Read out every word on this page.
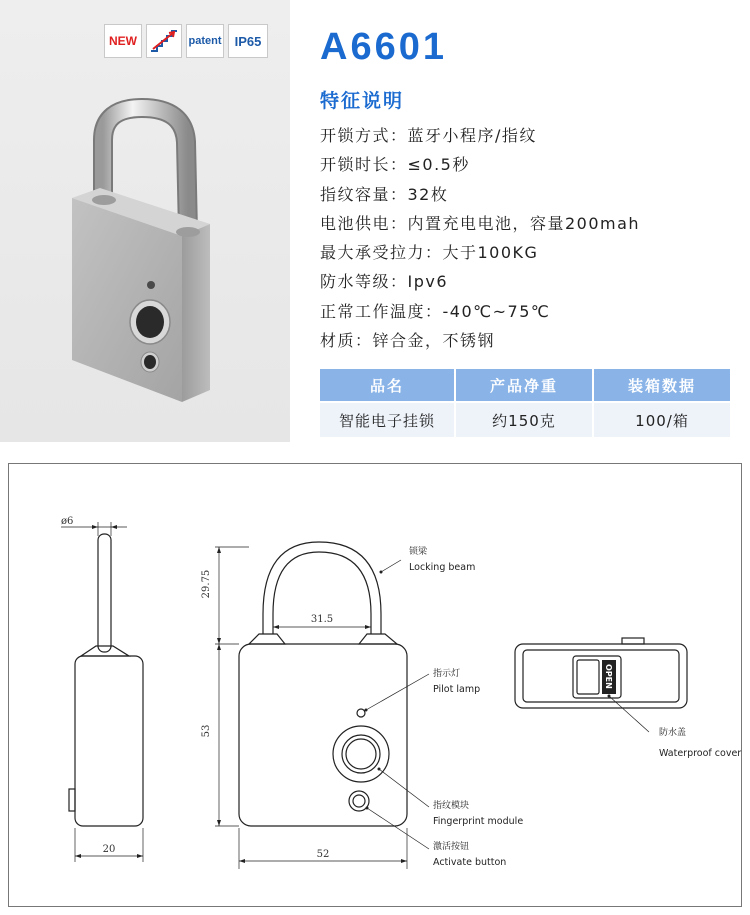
NEW	patent	IP65 A6601
特征说明
开锁方式：蓝牙小程序/指纹
开锁时长：≤0.5秒
指纹容量：32枚
电池供电：内置充电电池，容量200mah
最大承受拉力：大于100KG
防水等级：Ipv6
正常工作温度：-40℃~75℃
材质：锌合金，不锈钢
品名	产品净重	装箱数据
智能电子挂锁	约150克	100/箱
OPEN
ø6
29.75
31.5
53
20	52
锁梁
Locking beam
指示灯
Pilot lamp
指纹模块
Fingerprint module
激活按钮
Activate button
防水盖
Waterproof cover
